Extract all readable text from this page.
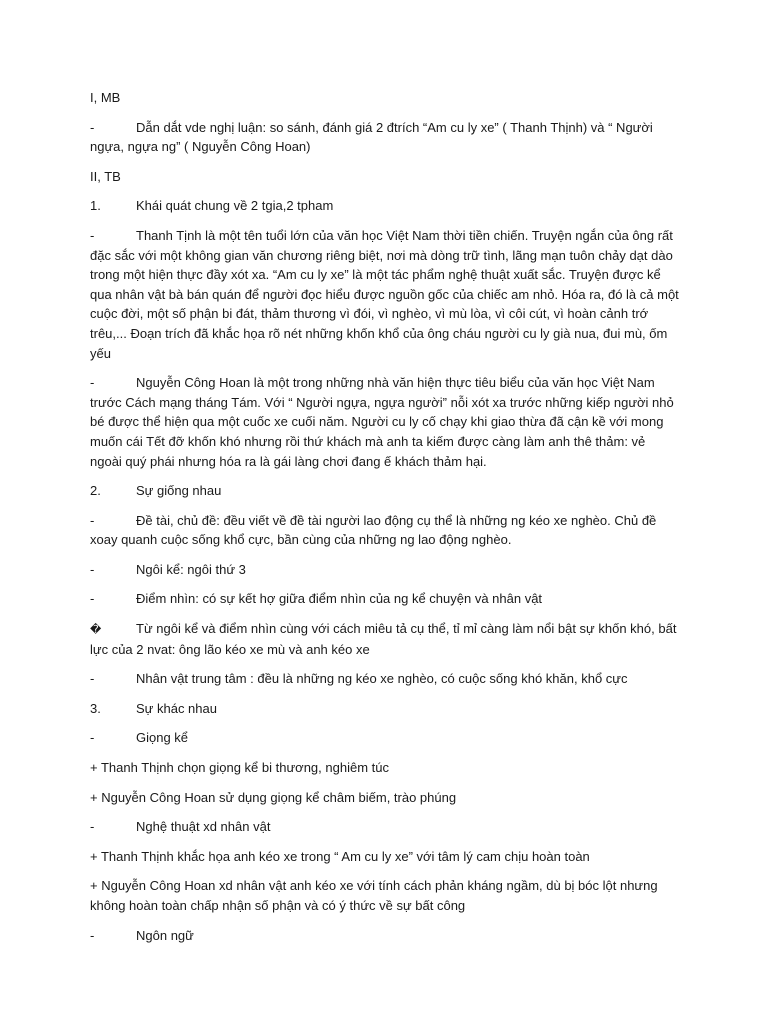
I, MB

-	Dẫn dắt vde nghị luận: so sánh, đánh giá 2 đtrích “Am cu ly xe” ( Thanh Thịnh) và “ Người ngựa, ngựa ng” ( Nguyễn Công Hoan)

II, TB

1.	Khái quát chung về 2 tgia,2 tpham

-	Thanh Tịnh là một tên tuổi lớn của văn học Việt Nam thời tiền chiến. Truyện ngắn của ông rất đặc sắc với một không gian văn chương riêng biệt, nơi mà dòng trữ tình, lãng mạn tuôn chảy dạt dào trong một hiện thực đầy xót xa. “Am cu ly xe” là một tác phẩm nghệ thuật xuất sắc. Truyện được kể qua nhân vật bà bán quán để người đọc hiểu được nguồn gốc của chiếc am nhỏ. Hóa ra, đó là cả một cuộc đời, một số phận bi đát, thảm thương vì đói, vì nghèo, vì mù lòa, vì côi cút, vì hoàn cảnh trớ trêu,... Đoạn trích đã khắc họa rõ nét những khốn khổ của ông cháu người cu ly già nua, đui mù, ốm yếu

-	Nguyễn Công Hoan là một trong những nhà văn hiện thực tiêu biểu của văn học Việt Nam trước Cách mạng tháng Tám. Với “ Người ngựa, ngựa người” nỗi xót xa trước những kiếp người nhỏ bé được thể hiện qua một cuốc xe cuối năm. Người cu ly cố chạy khi giao thừa đã cận kề với mong muốn cái Tết đỡ khốn khó nhưng rồi thứ khách mà anh ta kiếm được càng làm anh thê thảm: vẻ ngoài quý phái nhưng hóa ra là gái làng chơi đang ế khách thảm hại.

2.	Sự giống nhau

-	Đề tài, chủ đề: đều viết về đề tài người lao động cụ thể là những ng kéo xe nghèo. Chủ đề xoay quanh cuộc sống khổ cực, bần cùng của những ng lao động nghèo.

-	Ngôi kể: ngôi thứ 3

-	Điểm nhìn: có sự kết hợ giữa điểm nhìn của ng kể chuyện và nhân vật

�	Từ ngôi kể và điểm nhìn cùng với cách miêu tả cụ thể, tỉ mỉ càng làm nổi bật sự khốn khó, bất lực của 2 nvat: ông lão kéo xe mù và anh kéo xe

-	Nhân vật trung tâm : đều là những ng kéo xe nghèo, có cuộc sống khó khăn, khổ cực

3.	Sự khác nhau

-	Giọng kể

+ Thanh Thịnh chọn giọng kể bi thương, nghiêm túc

+ Nguyễn Công Hoan sử dụng giọng kể châm biếm, trào phúng

-	Nghệ thuật xd nhân vật

+ Thanh Thịnh khắc họa anh kéo xe trong “ Am cu ly xe” với tâm lý cam chịu hoàn toàn

+ Nguyễn Công Hoan xd nhân vật anh kéo xe với tính cách phản kháng ngầm, dù bị bóc lột nhưng không hoàn toàn chấp nhận số phận và có ý thức về sự bất công

-	Ngôn ngữ
